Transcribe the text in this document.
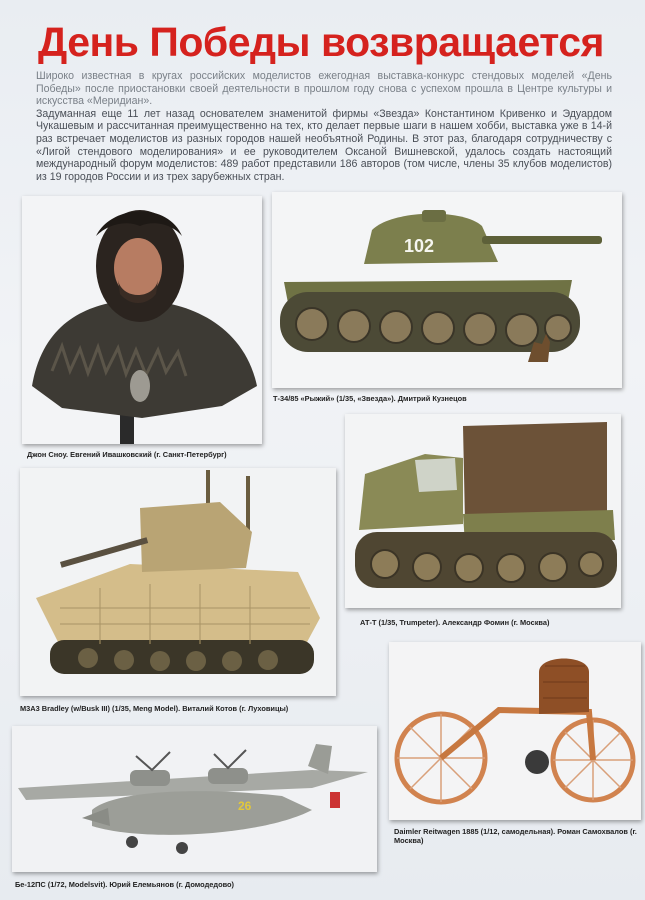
День Победы возвращается

Широко известная в кругах российских моделистов ежегодная выставка-конкурс стендовых моделей «День Победы» после приостановки своей деятельности в прошлом году снова с успехом прошла в Центре культуры и искусства «Меридиан».

Задуманная еще 11 лет назад основателем знаменитой фирмы «Звезда» Константином Кривенко и Эдуардом Чукашевым и рассчитанная преимущественно на тех, кто делает первые шаги в нашем хобби, выставка уже в 14-й раз встречает моделистов из разных городов нашей необъятной Родины. В этот раз, благодаря сотрудничеству с «Лигой стендового моделирования» и ее руководителем Оксаной Вишневской, удалось создать настоящий международный форум моделистов: 489 работ представили 186 авторов (том числе, члены 35 клубов моделистов) из 19 городов России и из трех зарубежных стран.

Джон Сноу. Евгений Ивашковский (г. Санкт-Петербург)
102
Т-34/85 «Рыжий» (1/35, «Звезда»). Дмитрий Кузнецов
М3А3 Bradley (w/Busk III) (1/35, Meng Model). Виталий Котов (г. Луховицы)
АТ-Т (1/35, Trumpeter). Александр Фомин (г. Москва)
Daimler Reitwagen 1885 (1/12, самодельная). Роман Самохвалов (г. Москва)
26
Бе-12ПС (1/72, Modelsvit). Юрий Елемьянов (г. Домодедово)
